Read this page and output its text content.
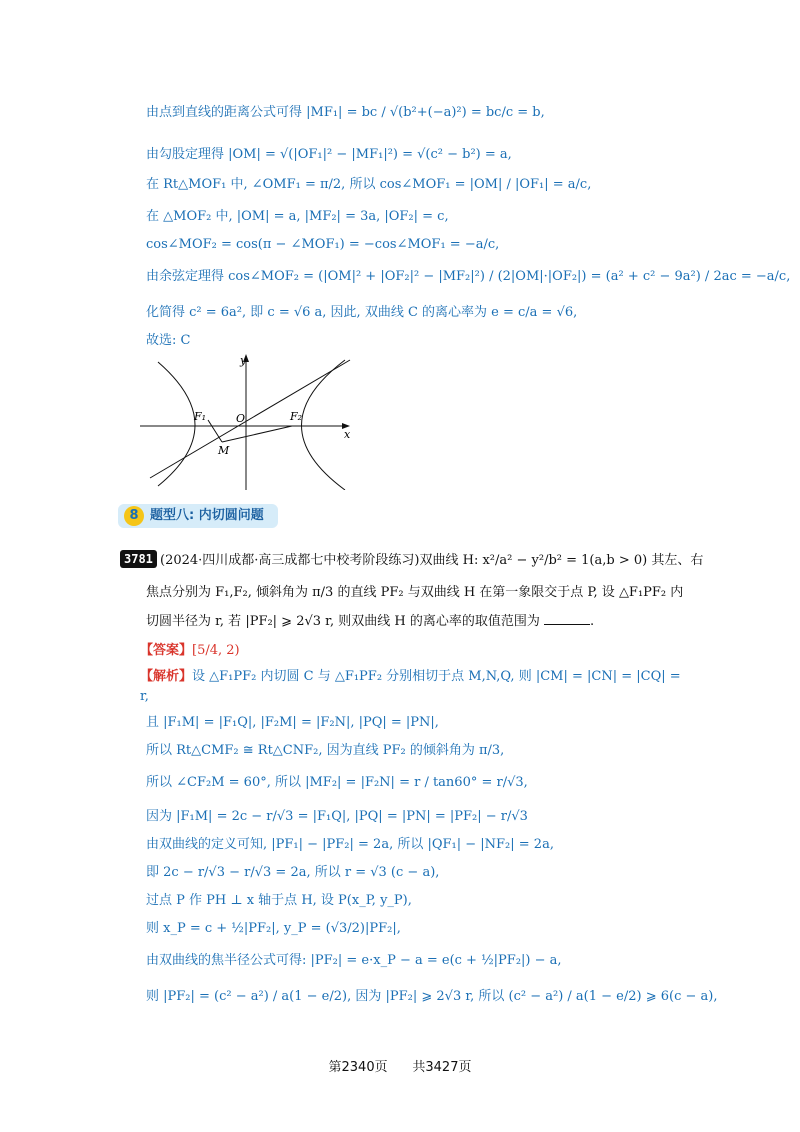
由点到直线的距离公式可得 |MF₁| = bc / √(b²+(−a)²) = bc/c = b,
由勾股定理得 |OM| = √(|OF₁|² − |MF₁|²) = √(c² − b²) = a,
在 Rt△MOF₁ 中, ∠OMF₁ = π/2, 所以 cos∠MOF₁ = |OM| / |OF₁| = a/c,
在 △MOF₂ 中, |OM| = a, |MF₂| = 3a, |OF₂| = c,
cos∠MOF₂ = cos(π − ∠MOF₁) = −cos∠MOF₁ = −a/c,
由余弦定理得 cos∠MOF₂ = (|OM|² + |OF₂|² − |MF₂|²) / (2|OM|·|OF₂|) = (a² + c² − 9a²) / 2ac = −a/c,
化简得 c² = 6a², 即 c = √6 a, 因此, 双曲线 C 的离心率为 e = c/a = √6,
故选: C
y
x
O
F₁	F₂
M
8 题型八: 内切圆问题
3781 (2024·四川成都·高三成都七中校考阶段练习)双曲线 H: x²/a² − y²/b² = 1(a,b > 0) 其左、右
焦点分别为 F₁,F₂, 倾斜角为 π/3 的直线 PF₂ 与双曲线 H 在第一象限交于点 P, 设 △F₁PF₂ 内
切圆半径为 r, 若 |PF₂| ⩾ 2√3 r, 则双曲线 H 的离心率的取值范围为	.
【答案】[5/4, 2)
【解析】设 △F₁PF₂ 内切圆 C 与 △F₁PF₂ 分别相切于点 M,N,Q, 则 |CM| = |CN| = |CQ| =
r,
且 |F₁M| = |F₁Q|, |F₂M| = |F₂N|, |PQ| = |PN|,
所以 Rt△CMF₂ ≅ Rt△CNF₂, 因为直线 PF₂ 的倾斜角为 π/3,
所以 ∠CF₂M = 60°, 所以 |MF₂| = |F₂N| = r / tan60° = r/√3,
因为 |F₁M| = 2c − r/√3 = |F₁Q|, |PQ| = |PN| = |PF₂| − r/√3
由双曲线的定义可知, |PF₁| − |PF₂| = 2a, 所以 |QF₁| − |NF₂| = 2a,
即 2c − r/√3 − r/√3 = 2a, 所以 r = √3 (c − a),
过点 P 作 PH ⊥ x 轴于点 H, 设 P(x_P, y_P),
则 x_P = c + ½|PF₂|, y_P = (√3/2)|PF₂|,
由双曲线的焦半径公式可得: |PF₂| = e·x_P − a = e(c + ½|PF₂|) − a,
则 |PF₂| = (c² − a²) / a(1 − e/2), 因为 |PF₂| ⩾ 2√3 r, 所以 (c² − a²) / a(1 − e/2) ⩾ 6(c − a),
第2340页 共3427页
